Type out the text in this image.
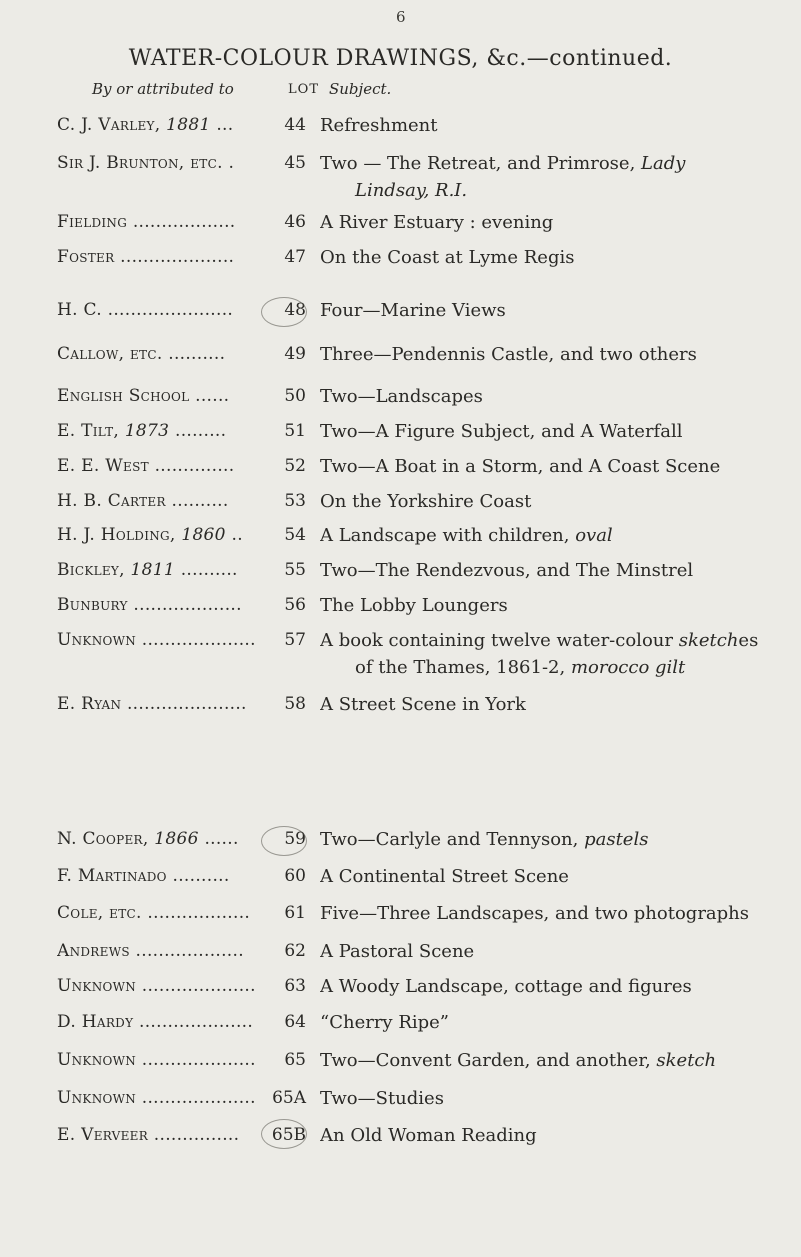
6
WATER-COLOUR DRAWINGS, &c.—continued.
By or attributed to	LOT Subject.
C. J. Varley, 1881 ...	44 Refreshment
Sir J. Brunton, etc. .	45 Two — The Retreat, and Primrose, Lady
Lindsay, R.I.
Fielding ..................	46 A River Estuary : evening
Foster ....................	47 On the Coast at Lyme Regis
H. C. ......................	48 Four—Marine Views
Callow, etc. ..........	49 Three—Pendennis Castle, and two others
English School ......	50 Two—Landscapes
E. Tilt, 1873 .........	51 Two—A Figure Subject, and A Waterfall
E. E. West ..............	52 Two—A Boat in a Storm, and A Coast Scene
H. B. Carter ..........	53 On the Yorkshire Coast
H. J. Holding, 1860 ..	54 A Landscape with children, oval
Bickley, 1811 ..........	55 Two—The Rendezvous, and The Minstrel
Bunbury ...................	56 The Lobby Loungers
Unknown ....................	57 A book containing twelve water-colour sketches
of the Thames, 1861-2, morocco gilt
E. Ryan .....................	58 A Street Scene in York
N. Cooper, 1866 ......	59 Two—Carlyle and Tennyson, pastels
F. Martinado ..........	60 A Continental Street Scene
Cole, etc. ..................	61 Five—Three Landscapes, and two photographs
Andrews ...................	62 A Pastoral Scene
Unknown ....................	63 A Woody Landscape, cottage and figures
D. Hardy ....................	64 “Cherry Ripe”
Unknown ....................	65 Two—Convent Garden, and another, sketch
Unknown .................... 65A Two—Studies
E. Verveer ...............	65B An Old Woman Reading
